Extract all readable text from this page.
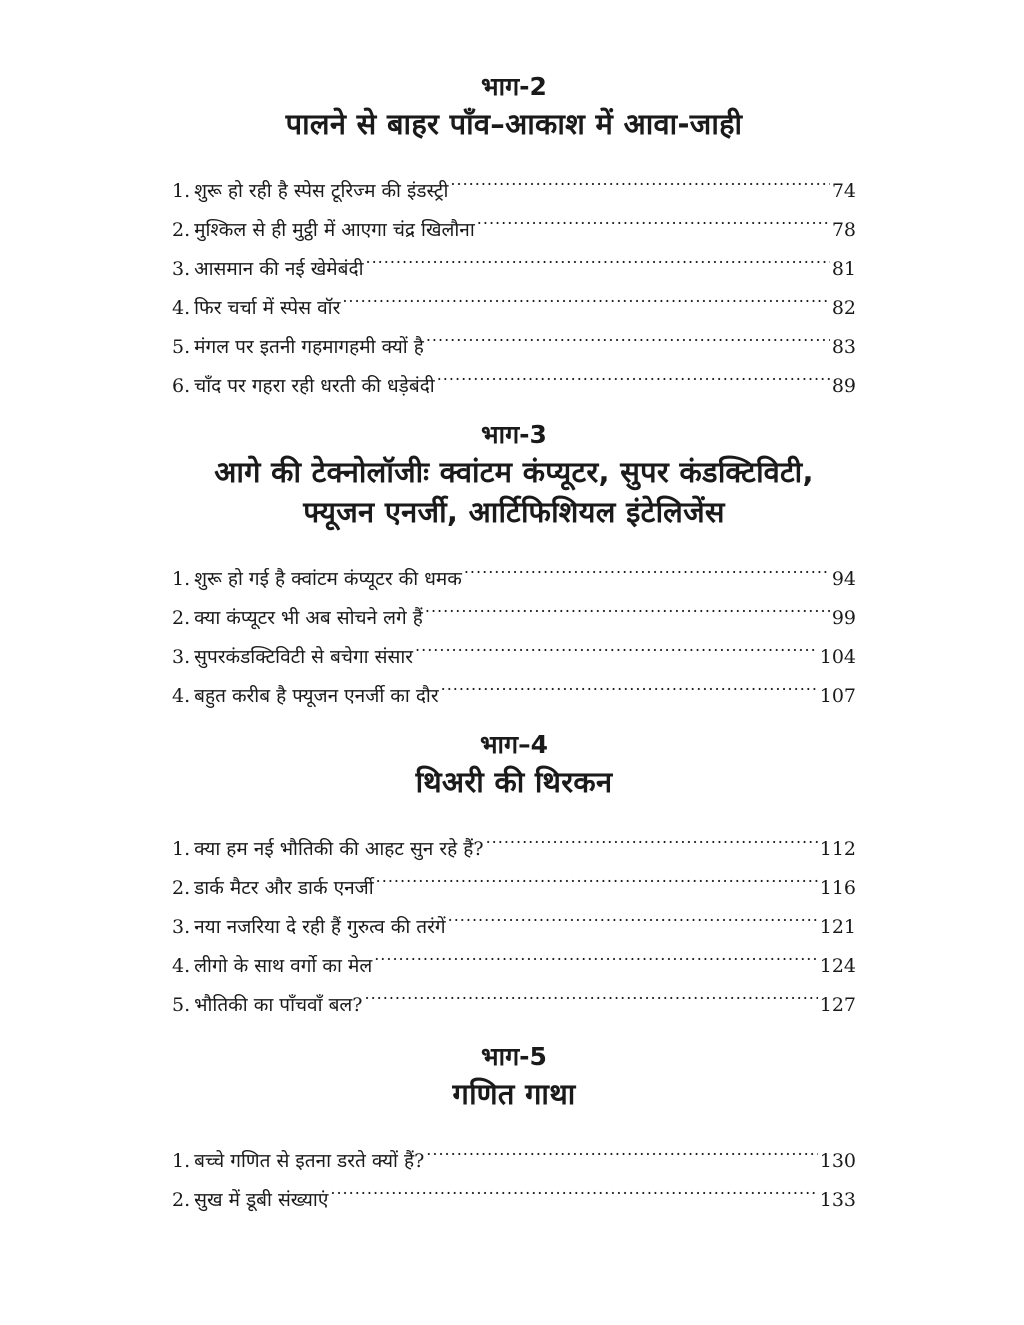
भाग-2
पालने से बाहर पाँव–आकाश में आवा-जाही
1. शुरू हो रही है स्पेस टूरिज्म की इंडस्ट्री .....	74
2. मुश्किल से ही मुट्ठी में आएगा चंद्र खिलौना .....	78
3. आसमान की नई खेमेबंदी .....	81
4. फिर चर्चा में स्पेस वॉर .....	82
5. मंगल पर इतनी गहमागहमी क्यों है .....	83
6. चाँद पर गहरा रही धरती की धड़ेबंदी .....	89
भाग-3
आगे की टेक्नोलॉजीः क्वांटम कंप्यूटर, सुपर कंडक्टिविटी,
फ्यूजन एनर्जी, आर्टिफिशियल इंटेलिजेंस
1. शुरू हो गई है क्वांटम कंप्यूटर की धमक .....	94
2. क्या कंप्यूटर भी अब सोचने लगे हैं .....	99
3. सुपरकंडक्टिविटी से बचेगा संसार .....	104
4. बहुत करीब है फ्यूजन एनर्जी का दौर .....	107
भाग–4
थिअरी की थिरकन
1. क्या हम नई भौतिकी की आहट सुन रहे हैं? .....	112
2. डार्क मैटर और डार्क एनर्जी .....	116
3. नया नजरिया दे रही हैं गुरुत्व की तरंगें .....	121
4. लीगो के साथ वर्गो का मेल .....	124
5. भौतिकी का पाँचवाँ बल? .....	127
भाग-5
गणित गाथा
1. बच्चे गणित से इतना डरते क्यों हैं? .....	130
2. सुख में डूबी संख्याएं .....	133
